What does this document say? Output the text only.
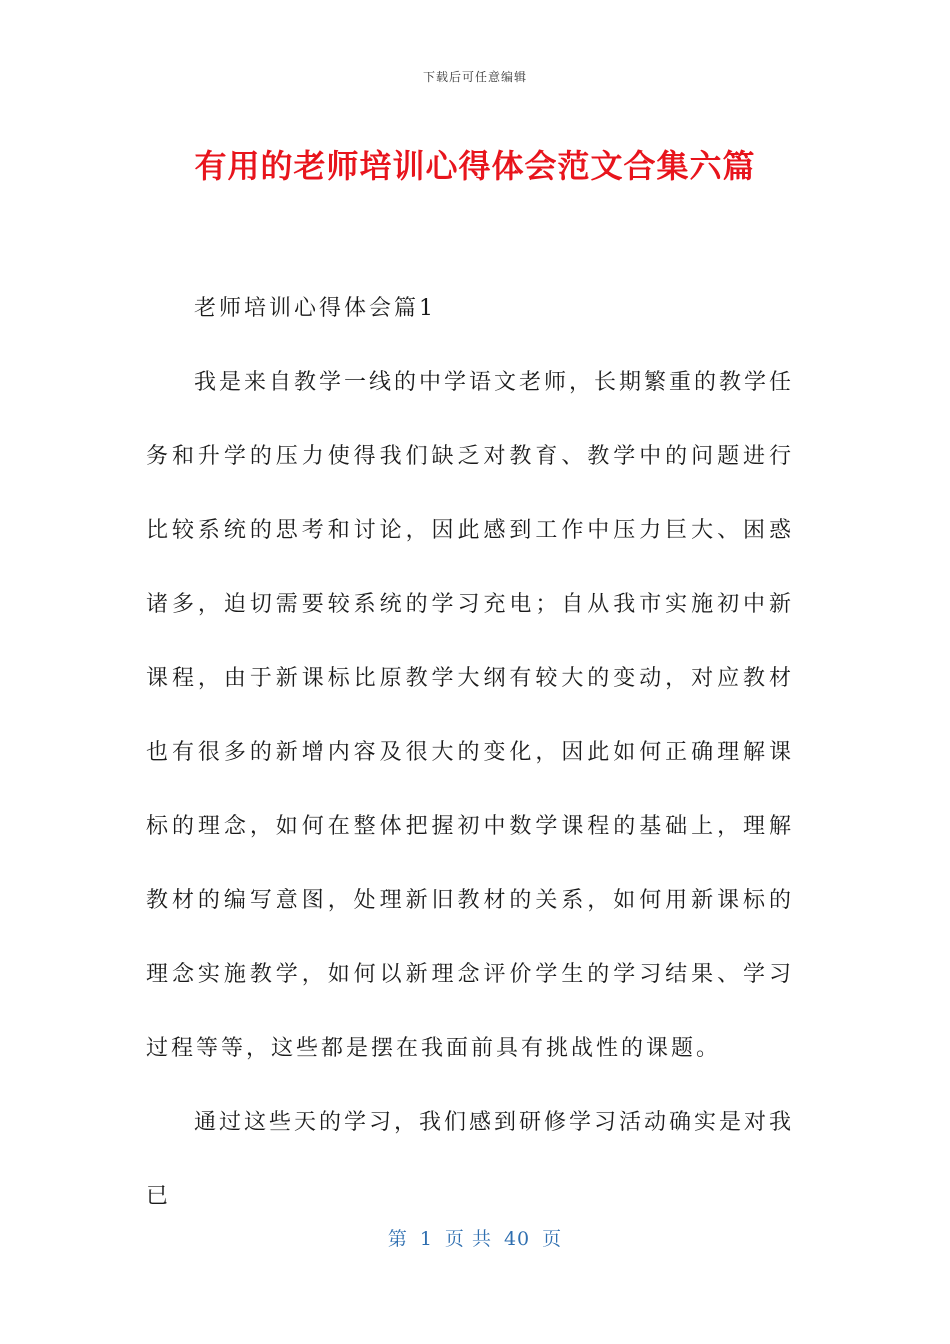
下载后可任意编辑
有用的老师培训心得体会范文合集六篇

老师培训心得体会篇1

我是来自教学一线的中学语文老师，长期繁重的教学任务和升学的压力使得我们缺乏对教育、教学中的问题进行比较系统的思考和讨论，因此感到工作中压力巨大、困惑诸多，迫切需要较系统的学习充电；自从我市实施初中新课程，由于新课标比原教学大纲有较大的变动，对应教材也有很多的新增内容及很大的变化，因此如何正确理解课标的理念，如何在整体把握初中数学课程的基础上，理解教材的编写意图，处理新旧教材的关系，如何用新课标的理念实施教学，如何以新理念评价学生的学习结果、学习过程等等，这些都是摆在我面前具有挑战性的课题。

通过这些天的学习，我们感到研修学习活动确实是对我已

第 1 页 共 40 页
